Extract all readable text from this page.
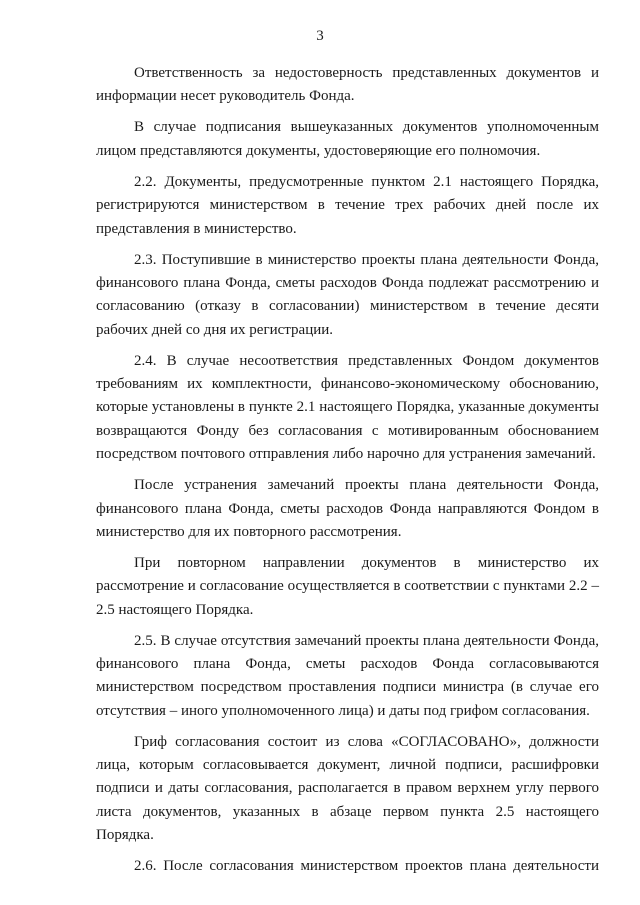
3

Ответственность за недостоверность представленных документов и информации несет руководитель Фонда.

В случае подписания вышеуказанных документов уполномоченным лицом представляются документы, удостоверяющие его полномочия.

2.2. Документы, предусмотренные пунктом 2.1 настоящего Порядка, регистрируются министерством в течение трех рабочих дней после их представления в министерство.

2.3. Поступившие в министерство проекты плана деятельности Фонда, финансового плана Фонда, сметы расходов Фонда подлежат рассмотрению и согласованию (отказу в согласовании) министерством в течение десяти рабочих дней со дня их регистрации.

2.4. В случае несоответствия представленных Фондом документов требованиям их комплектности, финансово-экономическому обоснованию, которые установлены в пункте 2.1 настоящего Порядка, указанные документы возвращаются Фонду без согласования с мотивированным обоснованием посредством почтового отправления либо нарочно для устранения замечаний.

После устранения замечаний проекты плана деятельности Фонда, финансового плана Фонда, сметы расходов Фонда направляются Фондом в министерство для их повторного рассмотрения.

При повторном направлении документов в министерство их рассмотрение и согласование осуществляется в соответствии с пунктами 2.2 – 2.5 настоящего Порядка.

2.5. В случае отсутствия замечаний проекты плана деятельности Фонда, финансового плана Фонда, сметы расходов Фонда согласовываются министерством посредством проставления подписи министра (в случае его отсутствия – иного уполномоченного лица) и даты под грифом согласования.

Гриф согласования состоит из слова «СОГЛАСОВАНО», должности лица, которым согласовывается документ, личной подписи, расшифровки подписи и даты согласования, располагается в правом верхнем углу первого листа документов, указанных в абзаце первом пункта 2.5 настоящего Порядка.

2.6. После согласования министерством проектов плана деятельности
